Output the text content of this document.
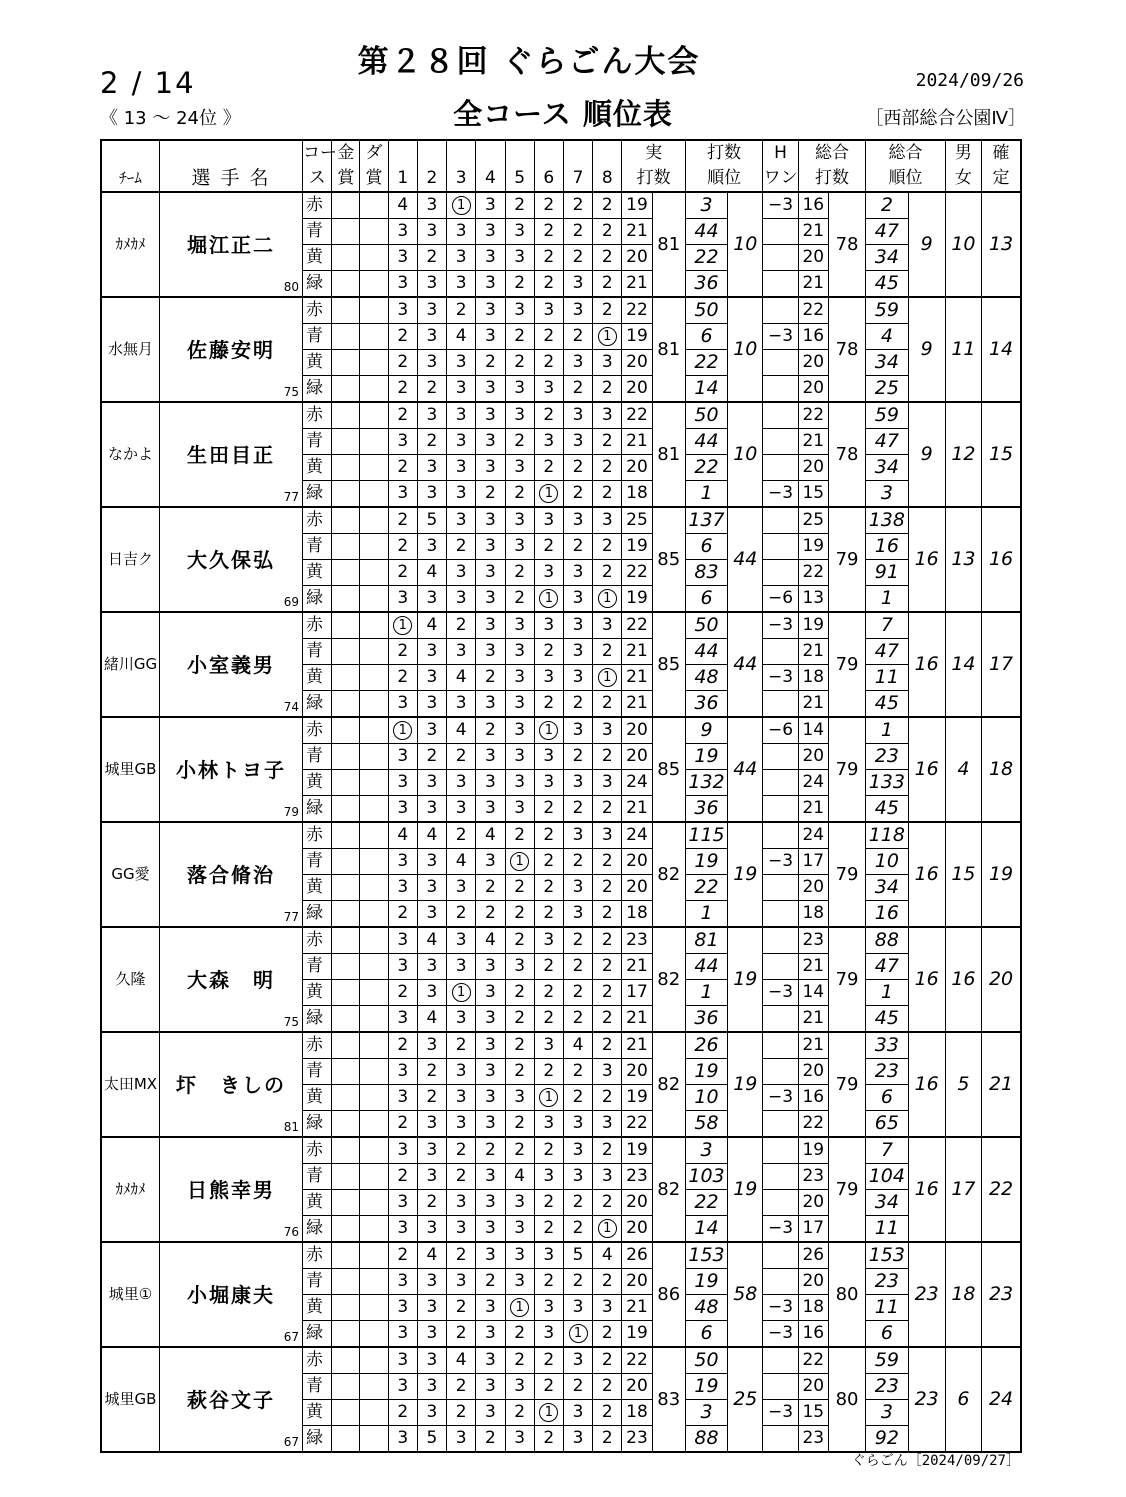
第２８回 ぐらごん大会
2 / 14
《 13 ～ 24位 》	全コース 順位表
2024/09/26
［西部総合公園Ⅳ］
		コー	金	ダ									実		打数		H	総合		総合		男	確
ﾁｰﾑ	選 手 名	ス	賞	賞	1	2	3	4	5	6	7	8	打数		順位		ワン	打数		順位		女	定
ｶﾒｶﾒ	堀江正二
80	赤			4	3	1	3	2	2	2	2	19	81	3	10	−3	16	78	2	9	10	13
		青			3	3	3	3	3	2	2	2	21		44			21		47			
		黄			3	2	3	3	3	2	2	2	20		22			20		34			
		緑			3	3	3	3	2	2	3	2	21		36			21		45			
水無月	佐藤安明
75	赤			3	3	2	3	3	3	3	2	22	81	50	10		22	78	59	9	11	14
		青			2	3	4	3	2	2	2	1	19		6		−3	16		4			
		黄			2	3	3	2	2	2	3	3	20		22			20		34			
		緑			2	2	3	3	3	3	2	2	20		14			20		25			
なかよ	生田目正
77	赤			2	3	3	3	3	2	3	3	22	81	50	10		22	78	59	9	12	15
		青			3	2	3	3	2	3	3	2	21		44			21		47			
		黄			2	3	3	3	3	2	2	2	20		22			20		34			
		緑			3	3	3	2	2	1	2	2	18		1		−3	15		3			
日吉ク	大久保弘
69	赤			2	5	3	3	3	3	3	3	25	85	137	44		25	79	138	16	13	16
		青			2	3	2	3	3	2	2	2	19		6			19		16			
		黄			2	4	3	3	2	3	3	2	22		83			22		91			
		緑			3	3	3	3	2	1	3	1	19		6		−6	13		1			
緒川GG	小室義男
74	赤			1	4	2	3	3	3	3	3	22	85	50	44	−3	19	79	7	16	14	17
		青			2	3	3	3	3	2	3	2	21		44			21		47			
		黄			2	3	4	2	3	3	3	1	21		48		−3	18		11			
		緑			3	3	3	3	3	2	2	2	21		36			21		45			
城里GB	小林トヨ子
79	赤			1	3	4	2	3	1	3	3	20	85	9	44	−6	14	79	1	16	4	18
		青			3	2	2	3	3	3	2	2	20		19			20		23			
		黄			3	3	3	3	3	3	3	3	24		132			24		133			
		緑			3	3	3	3	3	2	2	2	21		36			21		45			
GG愛	落合脩治
77	赤			4	4	2	4	2	2	3	3	24	82	115	19		24	79	118	16	15	19
		青			3	3	4	3	1	2	2	2	20		19		−3	17		10			
		黄			3	3	3	2	2	2	3	2	20		22			20		34			
		緑			2	3	2	2	2	2	3	2	18		1			18		16			
久隆	大森　明
75	赤			3	4	3	4	2	3	2	2	23	82	81	19		23	79	88	16	16	20
		青			3	3	3	3	3	2	2	2	21		44			21		47			
		黄			2	3	1	3	2	2	2	2	17		1		−3	14		1			
		緑			3	4	3	3	2	2	2	2	21		36			21		45			
太田MX	圷　きしの
81	赤			2	3	2	3	2	3	4	2	21	82	26	19		21	79	33	16	5	21
		青			3	2	3	3	2	2	2	3	20		19			20		23			
		黄			3	2	3	3	3	1	2	2	19		10		−3	16		6			
		緑			2	3	3	3	2	3	3	3	22		58			22		65			
ｶﾒｶﾒ	日熊幸男
76	赤			3	3	2	2	2	2	3	2	19	82	3	19		19	79	7	16	17	22
		青			2	3	2	3	4	3	3	3	23		103			23		104			
		黄			3	2	3	3	3	2	2	2	20		22			20		34			
		緑			3	3	3	3	3	2	2	1	20		14		−3	17		11			
城里①	小堀康夫
67	赤			2	4	2	3	3	3	5	4	26	86	153	58		26	80	153	23	18	23
		青			3	3	3	2	3	2	2	2	20		19			20		23			
		黄			3	3	2	3	1	3	3	3	21		48		−3	18		11			
		緑			3	3	2	3	2	3	1	2	19		6		−3	16		6			
城里GB	萩谷文子
67	赤			3	3	4	3	2	2	3	2	22	83	50	25		22	80	59	23	6	24
		青			3	3	2	3	3	2	2	2	20		19			20		23			
		黄			2	3	2	3	2	1	3	2	18		3		−3	15		3			
		緑			3	5	3	2	3	2	3	2	23		88			23		92			
ぐらごん［2024/09/27］
